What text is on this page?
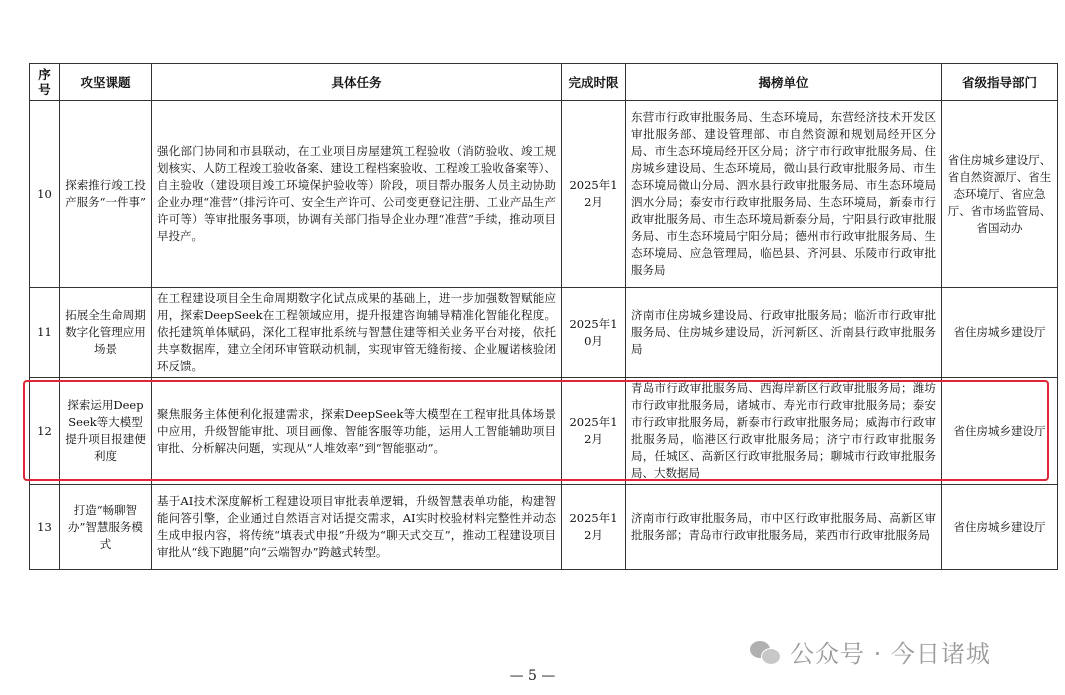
序号	攻坚课题	具体任务	完成时限	揭榜单位	省级指导部门
10	探索推行竣工投产服务“一件事”	强化部门协同和市县联动，在工业项目房屋建筑工程验收（消防验收、竣工规划核实、人防工程竣工验收备案、建设工程档案验收、工程竣工验收备案等）、自主验收（建设项目竣工环境保护验收等）阶段，项目帮办服务人员主动协助企业办理“准营”（排污许可、安全生产许可、公司变更登记注册、工业产品生产许可等）等审批服务事项，协调有关部门指导企业办理“准营”手续，推动项目早投产。	2025年12月	东营市行政审批服务局、生态环境局，东营经济技术开发区审批服务部、建设管理部、市自然资源和规划局经开区分局、市生态环境局经开区分局；济宁市行政审批服务局、住房城乡建设局、生态环境局，微山县行政审批服务局、市生态环境局微山分局、泗水县行政审批服务局、市生态环境局泗水分局；泰安市行政审批服务局、生态环境局，新泰市行政审批服务局、市生态环境局新泰分局，宁阳县行政审批服务局、市生态环境局宁阳分局；德州市行政审批服务局、生态环境局、应急管理局，临邑县、齐河县、乐陵市行政审批服务局	省住房城乡建设厅、省自然资源厅、省生态环境厅、省应急厅、省市场监管局、省国动办
11	拓展全生命周期数字化管理应用场景	在工程建设项目全生命周期数字化试点成果的基础上，进一步加强数智赋能应用，探索DeepSeek在工程领域应用，提升报建咨询辅导精准化智能化程度。依托建筑单体赋码，深化工程审批系统与智慧住建等相关业务平台对接，依托共享数据库，建立全闭环审管联动机制，实现审管无缝衔接、企业履诺核验闭环反馈。	2025年10月	济南市住房城乡建设局、行政审批服务局；临沂市行政审批服务局、住房城乡建设局，沂河新区、沂南县行政审批服务局	省住房城乡建设厅
12	探索运用DeepSeek等大模型提升项目报建便利度	聚焦服务主体便利化报建需求，探索DeepSeek等大模型在工程审批具体场景中应用，升级智能审批、项目画像、智能客服等功能，运用人工智能辅助项目审批、分析解决问题，实现从“人堆效率”到“智能驱动”。	2025年12月	青岛市行政审批服务局、西海岸新区行政审批服务局；潍坊市行政审批服务局，诸城市、寿光市行政审批服务局；泰安市行政审批服务局，新泰市行政审批服务局；威海市行政审批服务局，临港区行政审批服务局；济宁市行政审批服务局，任城区、高新区行政审批服务局；聊城市行政审批服务局、大数据局	省住房城乡建设厅
13	打造“畅聊智办”智慧服务模式	基于AI技术深度解析工程建设项目审批表单逻辑，升级智慧表单功能，构建智能问答引擎，企业通过自然语言对话提交需求，AI实时校验材料完整性并动态生成申报内容，将传统“填表式申报”升级为“聊天式交互”，推动工程建设项目审批从“线下跑腿”向“云端智办”跨越式转型。	2025年12月	济南市行政审批服务局，市中区行政审批服务局、高新区审批服务部；青岛市行政审批服务局，莱西市行政审批服务局	省住房城乡建设厅
公众号 · 今日诸城
— 5 —
